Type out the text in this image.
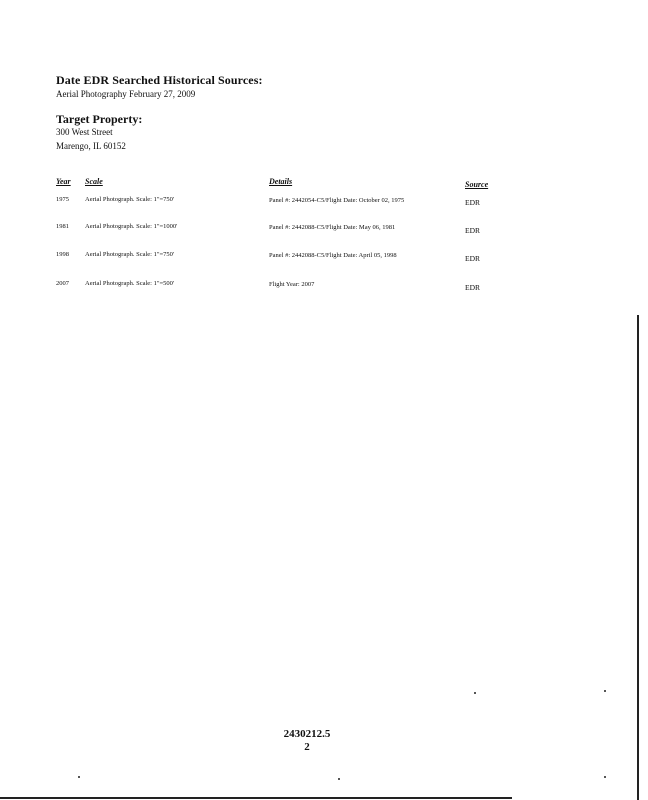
Date EDR Searched Historical Sources:
Aerial Photography February 27, 2009
Target Property:
300 West Street
Marengo, IL 60152
Year Scale	Details	Source
1975 Aerial Photograph. Scale: 1"=750'	Panel #: 2442054-C5/Flight Date: October 02, 1975	EDR
1981 Aerial Photograph. Scale: 1"=1000'	Panel #: 2442088-C5/Flight Date: May 06, 1981	EDR
1998 Aerial Photograph. Scale: 1"=750'	Panel #: 2442088-C5/Flight Date: April 05, 1998	EDR
2007 Aerial Photograph. Scale: 1"=500'	Flight Year: 2007	EDR
2430212.5
2
